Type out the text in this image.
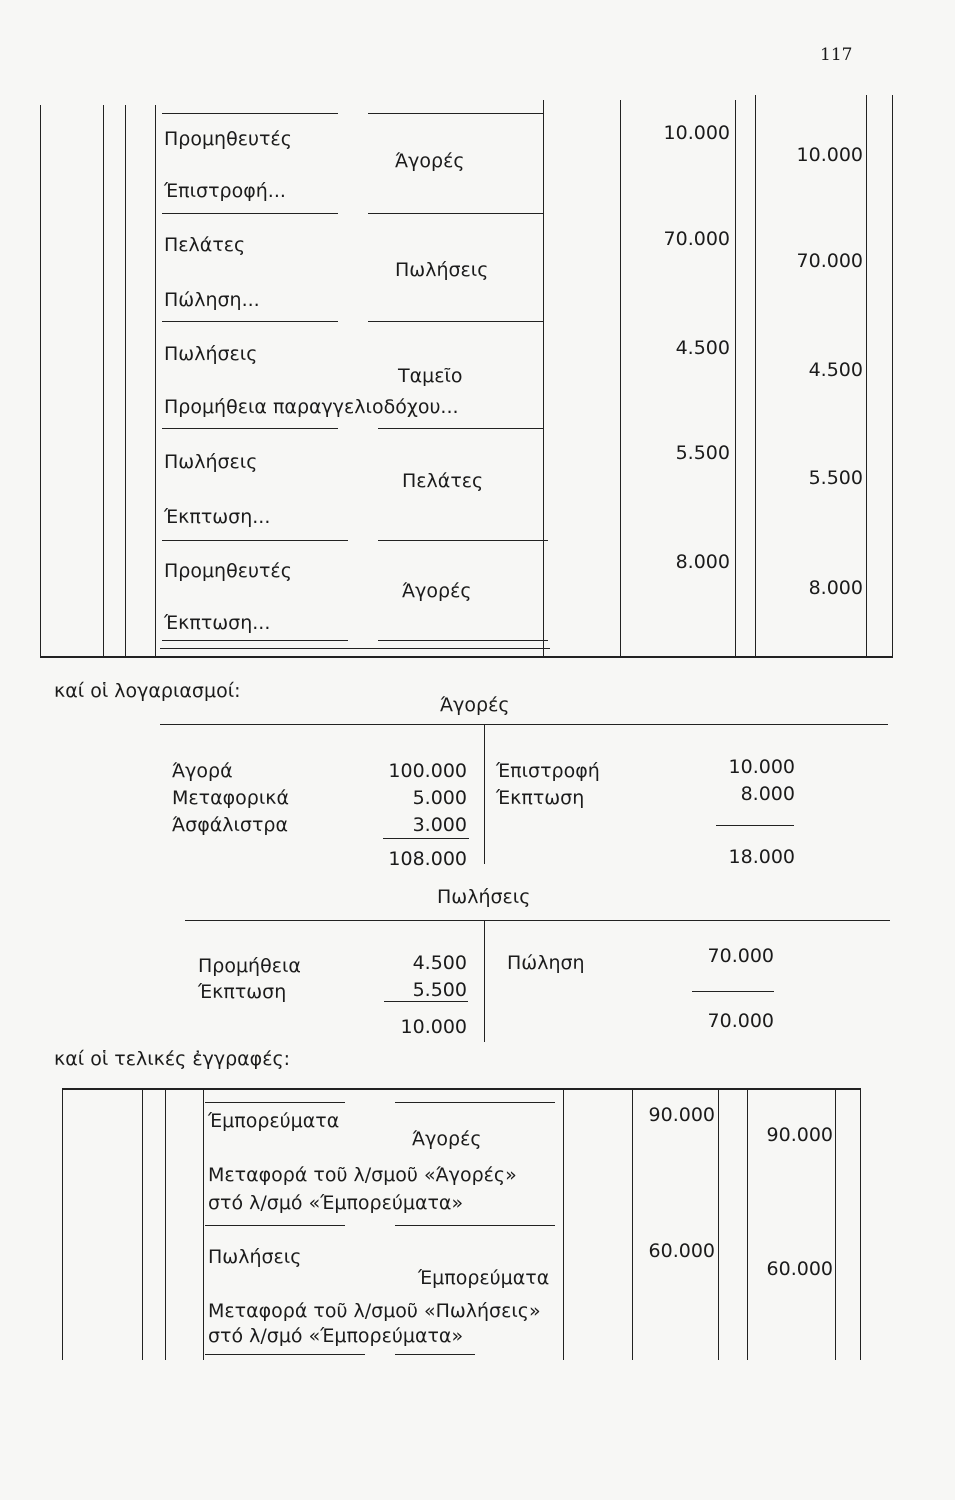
117
Προμηθευτές
Άγορές
Έπιστροφή...
10.000
10.000
Πελάτες
Πωλήσεις
Πώληση...
70.000
70.000
Πωλήσεις
Ταμεῖο
Προμήθεια παραγγελιοδόχου...
4.500
4.500
Πωλήσεις
Πελάτες
Έκπτωση...
5.500
5.500
Προμηθευτές
Άγορές
Έκπτωση...
8.000
8.000
καί οἱ λογαριασμοί:
Άγορές
Άγορά
Μεταφορικά
Άσφάλιστρα
100.000
5.000
3.000
108.000
Έπιστροφή
Έκπτωση
10.000
8.000
18.000
Πωλήσεις
Προμήθεια
Έκπτωση
4.500
5.500
10.000
Πώληση	70.000
70.000
καί οἱ τελικές ἐγγραφές:
Έμπορεύματα
Άγορές
Μεταφορά τοῦ λ/σμοῦ «Άγορές»
στό λ/σμό «Έμπορεύματα»
90.000
90.000
Πωλήσεις
Έμπορεύματα
Μεταφορά τοῦ λ/σμοῦ «Πωλήσεις»
στό λ/σμό «Έμπορεύματα»
60.000
60.000
